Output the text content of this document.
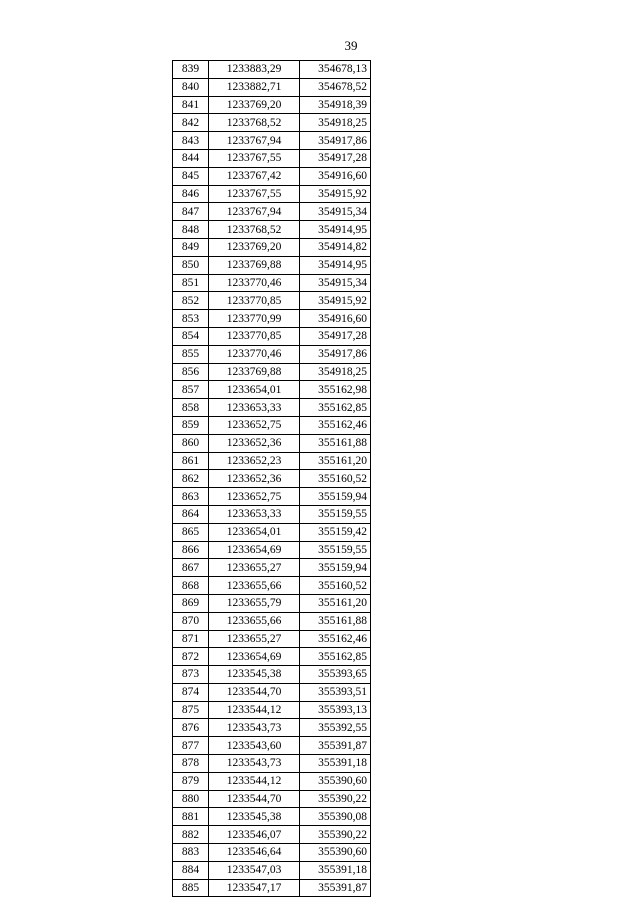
39
839	1233883,29	354678,13
840	1233882,71	354678,52
841	1233769,20	354918,39
842	1233768,52	354918,25
843	1233767,94	354917,86
844	1233767,55	354917,28
845	1233767,42	354916,60
846	1233767,55	354915,92
847	1233767,94	354915,34
848	1233768,52	354914,95
849	1233769,20	354914,82
850	1233769,88	354914,95
851	1233770,46	354915,34
852	1233770,85	354915,92
853	1233770,99	354916,60
854	1233770,85	354917,28
855	1233770,46	354917,86
856	1233769,88	354918,25
857	1233654,01	355162,98
858	1233653,33	355162,85
859	1233652,75	355162,46
860	1233652,36	355161,88
861	1233652,23	355161,20
862	1233652,36	355160,52
863	1233652,75	355159,94
864	1233653,33	355159,55
865	1233654,01	355159,42
866	1233654,69	355159,55
867	1233655,27	355159,94
868	1233655,66	355160,52
869	1233655,79	355161,20
870	1233655,66	355161,88
871	1233655,27	355162,46
872	1233654,69	355162,85
873	1233545,38	355393,65
874	1233544,70	355393,51
875	1233544,12	355393,13
876	1233543,73	355392,55
877	1233543,60	355391,87
878	1233543,73	355391,18
879	1233544,12	355390,60
880	1233544,70	355390,22
881	1233545,38	355390,08
882	1233546,07	355390,22
883	1233546,64	355390,60
884	1233547,03	355391,18
885	1233547,17	355391,87
